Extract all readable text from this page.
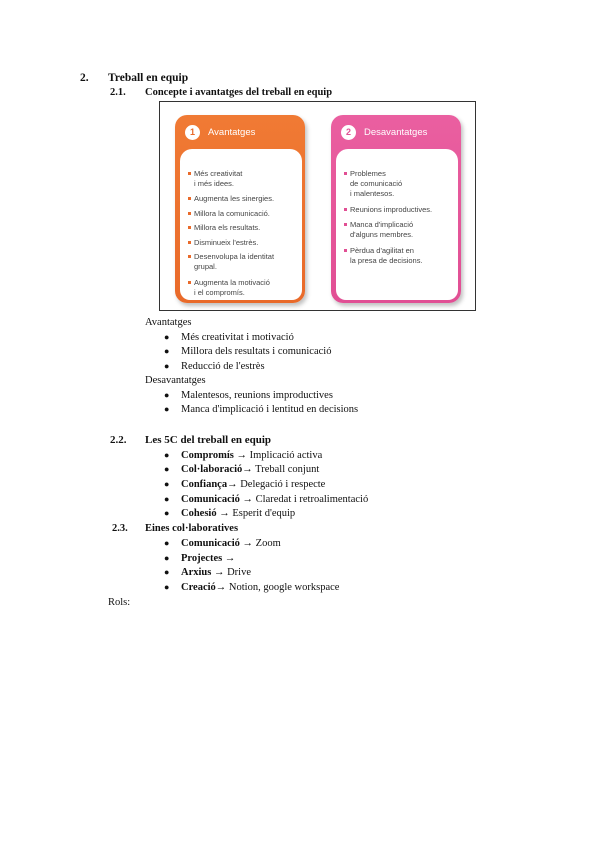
2. Treball en equip
2.1. Concepte i avantatges del treball en equip
1	Avantatges
Més creativitat
i més idees.
Augmenta les sinergies.
Millora la comunicació.
Millora els resultats.
Disminueix l'estrès.
Desenvolupa la identitat
grupal.
Augmenta la motivació
i el compromís.
2	Desavantatges
Problemes
de comunicació
i malentesos.
Reunions improductives.
Manca d'implicació
d'alguns membres.
Pèrdua d'agilitat en
la presa de decisions.
Avantatges
● Més creativitat i motivació
● Millora dels resultats i comunicació
● Reducció de l'estrès
Desavantatges
● Malentesos, reunions improductives
● Manca d'implicació i lentitud en decisions
2.2. Les 5C del treball en equip
● Compromís → Implicació activa
● Col·laboració→ Treball conjunt
● Confiança→ Delegació i respecte
● Comunicació → Claredat i retroalimentació
● Cohesió → Esperit d'equip
2.3. Eines col·laboratives
● Comunicació → Zoom
● Projectes →
● Arxius → Drive
● Creació→ Notion, google workspace
Rols:
